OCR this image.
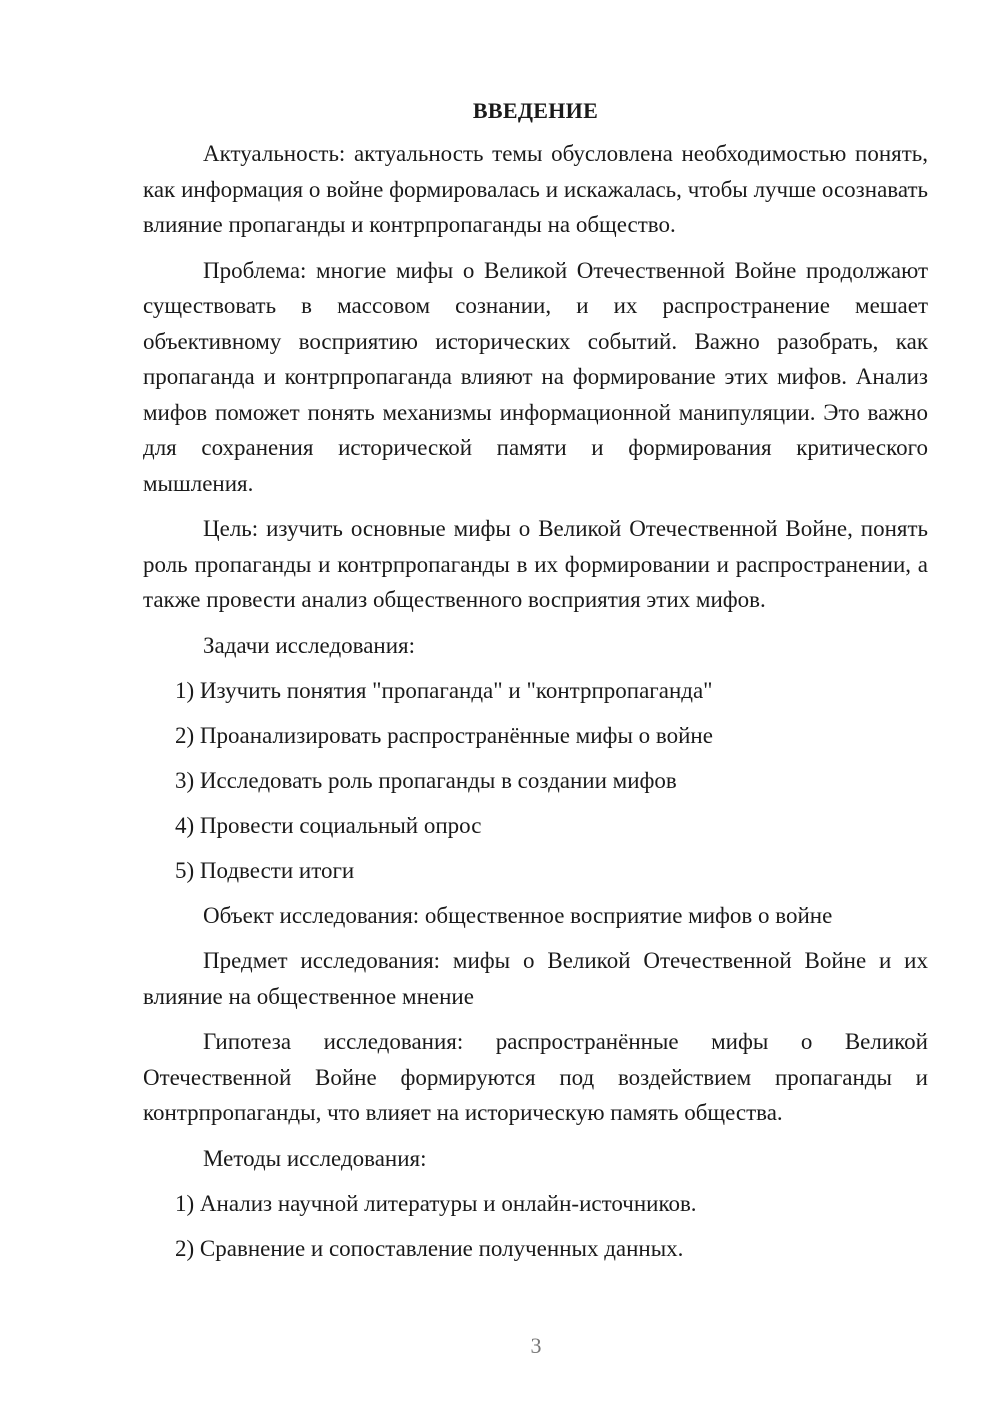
ВВЕДЕНИЕ

Актуальность: актуальность темы обусловлена необходимостью понять, как информация о войне формировалась и искажалась, чтобы лучше осознавать влияние пропаганды и контрпропаганды на общество.

Проблема: многие мифы о Великой Отечественной Войне продолжают существовать в массовом сознании, и их распространение мешает объективному восприятию исторических событий. Важно разобрать, как пропаганда и контрпропаганда влияют на формирование этих мифов. Анализ мифов поможет понять механизмы информационной манипуляции. Это важно для сохранения исторической памяти и формирования критического мышления.

Цель: изучить основные мифы о Великой Отечественной Войне, понять роль пропаганды и контрпропаганды в их формировании и распространении, а также провести анализ общественного восприятия этих мифов.

Задачи исследования:
1) Изучить понятия "пропаганда" и "контрпропаганда"
2) Проанализировать распространённые мифы о войне
3) Исследовать роль пропаганды в создании мифов
4) Провести социальный опрос
5) Подвести итоги

Объект исследования: общественное восприятие мифов о войне

Предмет исследования: мифы о Великой Отечественной Войне и их влияние на общественное мнение

Гипотеза исследования: распространённые мифы о Великой Отечественной Войне формируются под воздействием пропаганды и контрпропаганды, что влияет на историческую память общества.

Методы исследования:
1) Анализ научной литературы и онлайн-источников.
2) Сравнение и сопоставление полученных данных.
3
